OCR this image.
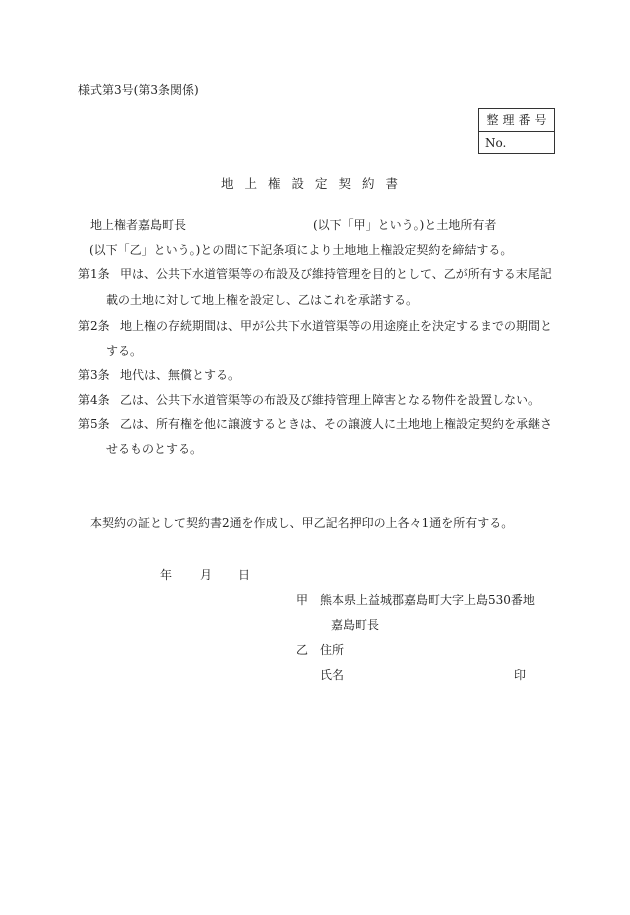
様式第3号(第3条関係)
整理番号
No.
地上権設定契約書
地上権者嘉島町長	(以下「甲」という。)と土地所有者
(以下「乙」という。)との間に下記条項により土地地上権設定契約を締結する。
第1条 甲は、公共下水道管渠等の布設及び維持管理を目的として、乙が所有する末尾記
載の土地に対して地上権を設定し、乙はこれを承諾する。
第2条 地上権の存続期間は、甲が公共下水道管渠等の用途廃止を決定するまでの期間と
する。
第3条 地代は、無償とする。
第4条 乙は、公共下水道管渠等の布設及び維持管理上障害となる物件を設置しない。
第5条 乙は、所有権を他に譲渡するときは、その譲渡人に土地地上権設定契約を承継さ
せるものとする。
本契約の証として契約書2通を作成し、甲乙記名押印の上各々1通を所有する。
年 月 日
甲 熊本県上益城郡嘉島町大字上島530番地
嘉島町長
乙 住所
氏名	印
